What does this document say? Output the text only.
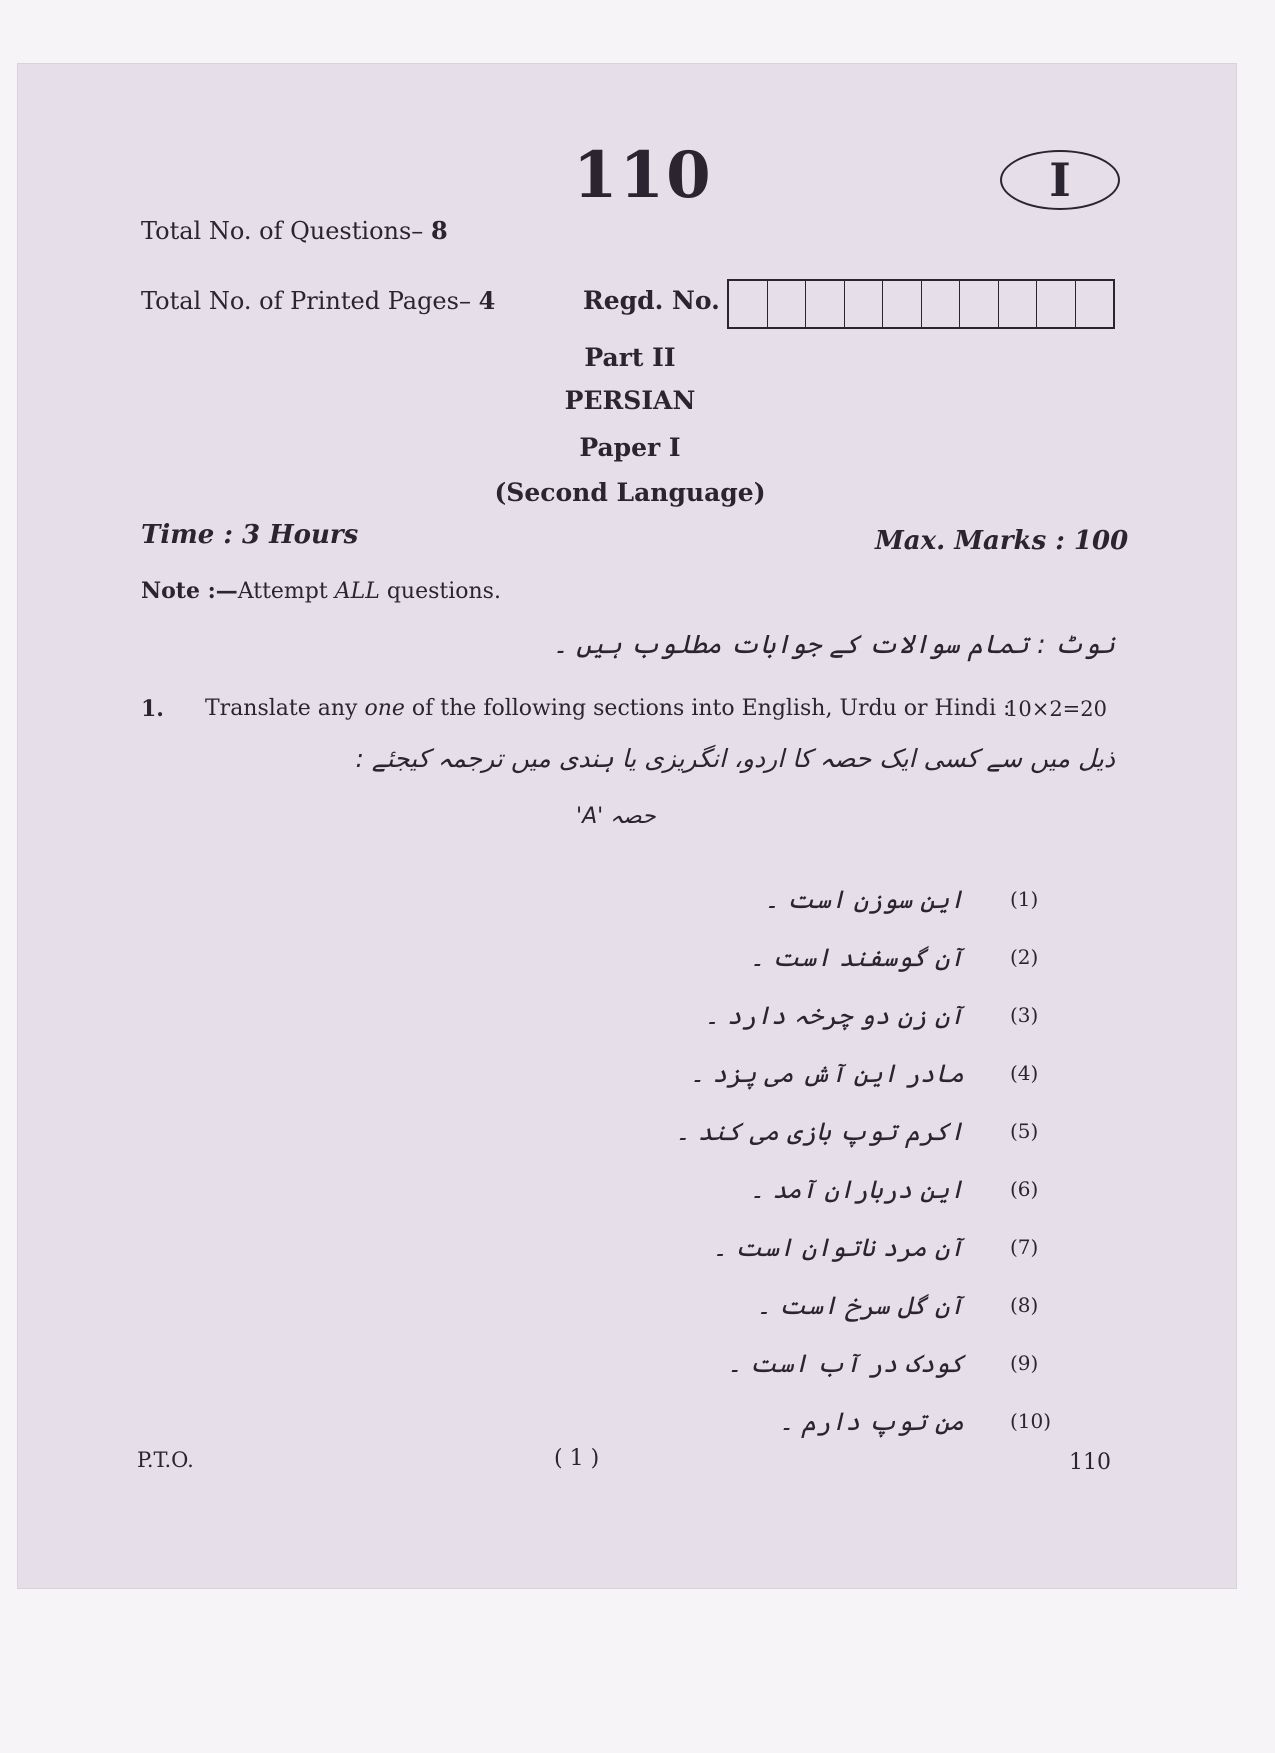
110	I
Total No. of Questions– 8
Total No. of Printed Pages– 4	Regd. No.
Part II
PERSIAN
Paper I
(Second Language)
Time : 3 Hours	Max. Marks : 100
Note :—Attempt ALL questions.
نوٹ : تمام سوالات کے جوابات مطلوب ہیں ۔
1. Translate any one of the following sections into English, Urdu or Hindi :
10×2=20
ذیل میں سے کسی ایک حصہ کا اردو، انگریزی یا ہندی میں ترجمہ کیجئے :
حصہ 'A'
این سوزن است ۔ (1)
آن گوسفند است ۔ (2)
آن زن دو چرخہ دارد ۔ (3)
مادر این آش می پزد ۔ (4)
اکرم توپ بازی می کند ۔ (5)
این درباران آمد ۔ (6)
آن مرد ناتوان است ۔ (7)
آن گل سرخ است ۔ (8)
کودک در آب است ۔ (9)
من توپ دارم ۔ (10)
P.T.O.	( 1 )	110
